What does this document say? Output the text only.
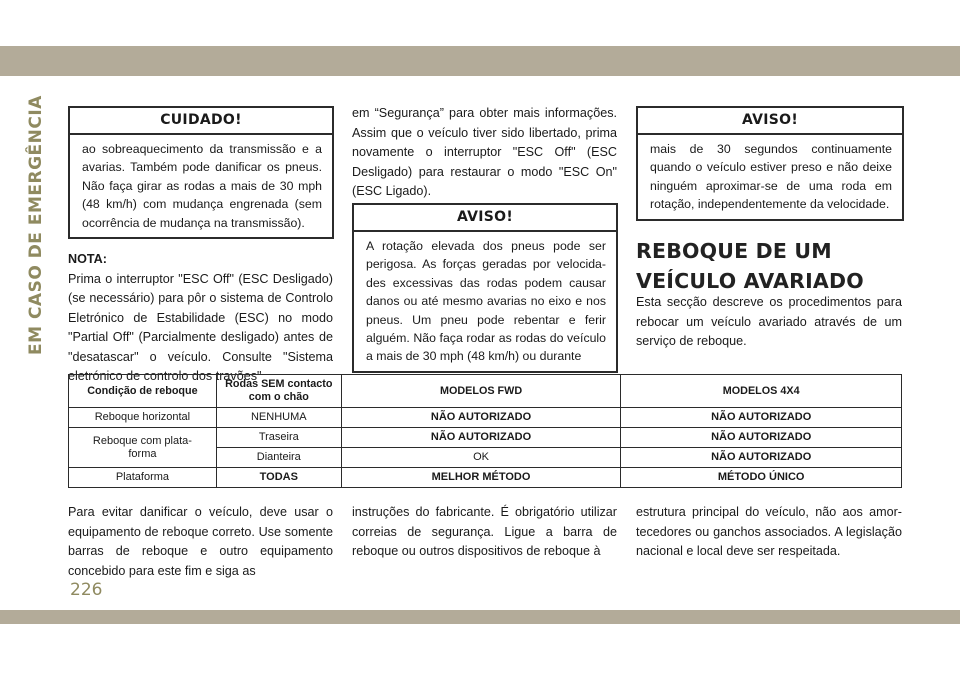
EM CASO DE EMERGÊNCIA	CUIDADO!
ao sobreaquecimento da transmissão e a avarias. Também pode danificar os pneus. Não faça girar as rodas a mais de 30 mph (48 km/h) com mudança engrenada (sem ocorrência de mudança na transmissão).
NOTA:

Prima o interruptor "ESC Off" (ESC Desligado) (se necessário) para pôr o sistema de Controlo Eletrónico de Estabilidade (ESC) no modo "Partial Off" (Parcialmente desligado) antes de "desatascar" o veículo. Consulte "Sistema eletrónico de controlo dos travões"

em “Segurança” para obter mais informações. Assim que o veículo tiver sido libertado, prima novamente o interruptor "ESC Off" (ESC Desligado) para restaurar o modo "ESC On" (ESC Ligado).

AVISO!
A rotação elevada dos pneus pode ser perigosa. As forças geradas por velocidades excessivas das rodas podem causar danos ou até mesmo avarias no eixo e nos pneus. Um pneu pode rebentar e ferir alguém. Não faça rodar as rodas do veículo a mais de 30 mph (48 km/h) ou durante
AVISO!
mais de 30 segundos continuamente quando o veículo estiver preso e não deixe ninguém aproximar-se de uma roda em rotação, independentemente da velocidade.
REBOQUE DE UM VEÍCULO AVARIADO

Esta secção descreve os procedimentos para rebocar um veículo avariado através de um serviço de reboque.

Condição de reboque	Rodas SEM contacto com o chão	MODELOS FWD	MODELOS 4X4
Reboque horizontal	NENHUMA	NÃO AUTORIZADO	NÃO AUTORIZADO
Reboque com plataforma	Traseira	NÃO AUTORIZADO	NÃO AUTORIZADO
	Dianteira	OK	NÃO AUTORIZADO
Plataforma	TODAS	MELHOR MÉTODO	MÉTODO ÚNICO
Para evitar danificar o veículo, deve usar o equipamento de reboque correto. Use somente barras de reboque e outro equipamento concebido para este fim e siga as
instruções do fabricante. É obrigatório utilizar correias de segurança. Ligue a barra de reboque ou outros dispositivos de reboque à
estrutura principal do veículo, não aos amortecedores ou ganchos associados. A legislação nacional e local deve ser respeitada.
226
